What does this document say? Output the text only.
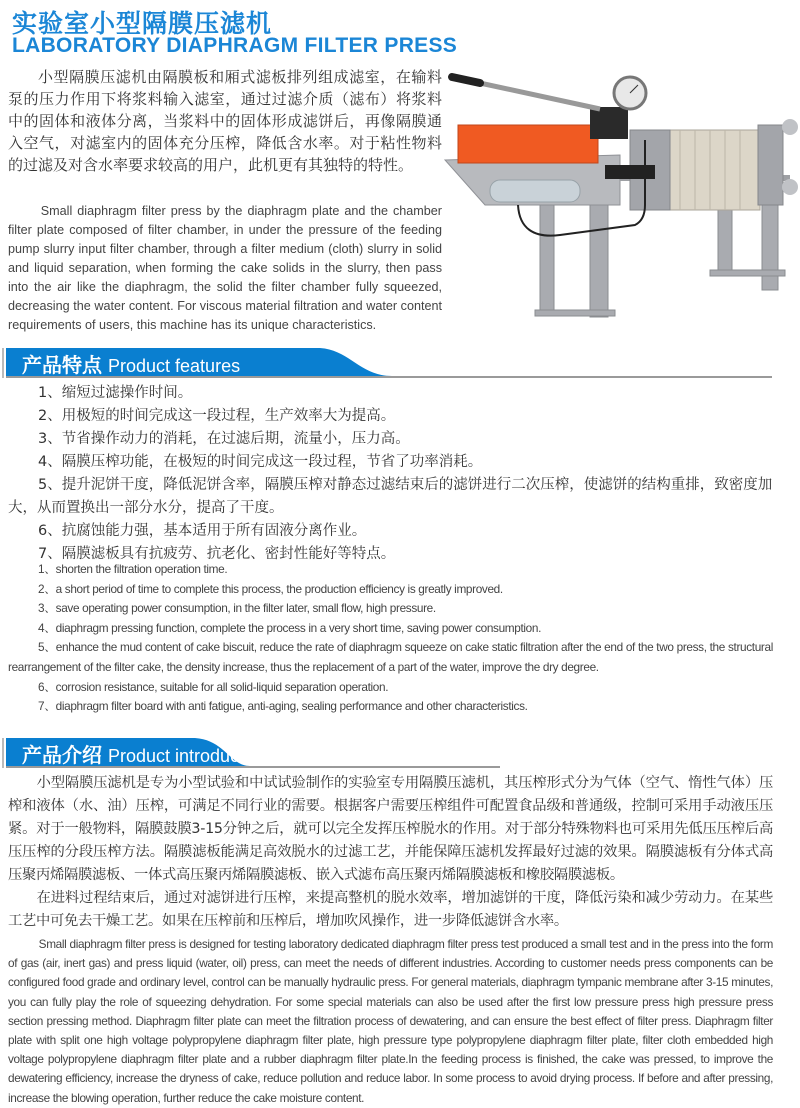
实验室小型隔膜压滤机
LABORATORY DIAPHRAGM FILTER PRESS

小型隔膜压滤机由隔膜板和厢式滤板排列组成滤室，在输料泵的压力作用下将浆料输入滤室，通过过滤介质（滤布）将浆料中的固体和液体分离，当浆料中的固体形成滤饼后，再像隔膜通入空气，对滤室内的固体充分压榨，降低含水率。对于粘性物料的过滤及对含水率要求较高的用户，此机更有其独特的特性。

Small diaphragm filter press by the diaphragm plate and the chamber filter plate composed of filter chamber, in under the pressure of the feeding pump slurry input filter chamber, through a filter medium (cloth) slurry in solid and liquid separation, when forming the cake solids in the slurry, then pass into the air like the diaphragm, the solid the filter chamber fully squeezed, decreasing the water content. For viscous material filtration and water content requirements of users, this machine has its unique characteristics.

产品特点 Product features
1、缩短过滤操作时间。
2、用极短的时间完成这一段过程，生产效率大为提高。
3、节省操作动力的消耗，在过滤后期，流量小，压力高。
4、隔膜压榨功能，在极短的时间完成这一段过程，节省了功率消耗。
5、提升泥饼干度，降低泥饼含率，隔膜压榨对静态过滤结束后的滤饼进行二次压榨，使滤饼的结构重排，致密度加大，从而置换出一部分水分，提高了干度。
6、抗腐蚀能力强，基本适用于所有固液分离作业。
7、隔膜滤板具有抗疲劳、抗老化、密封性能好等特点。
1、shorten the filtration operation time.
2、a short period of time to complete this process, the production efficiency is greatly improved.
3、save operating power consumption, in the filter later, small flow, high pressure.
4、diaphragm pressing function, complete the process in a very short time, saving power consumption.
5、enhance the mud content of cake biscuit, reduce the rate of diaphragm squeeze on cake static filtration after the end of the two press, the structural rearrangement of the filter cake, the density increase, thus the replacement of a part of the water, improve the dry degree.
6、corrosion resistance, suitable for all solid-liquid separation operation.
7、diaphragm filter board with anti fatigue, anti-aging, sealing performance and other characteristics.
产品介绍 Product introduction

小型隔膜压滤机是专为小型试验和中试试验制作的实验室专用隔膜压滤机，其压榨形式分为气体（空气、惰性气体）压榨和液体（水、油）压榨，可满足不同行业的需要。根据客户需要压榨组件可配置食品级和普通级，控制可采用手动液压压紧。对于一般物料，隔膜鼓膜3-15分钟之后，就可以完全发挥压榨脱水的作用。对于部分特殊物料也可采用先低压压榨后高压压榨的分段压榨方法。隔膜滤板能满足高效脱水的过滤工艺，并能保障压滤机发挥最好过滤的效果。隔膜滤板有分体式高压聚丙烯隔膜滤板、一体式高压聚丙烯隔膜滤板、嵌入式滤布高压聚丙烯隔膜滤板和橡胶隔膜滤板。

在进料过程结束后，通过对滤饼进行压榨，来提高整机的脱水效率，增加滤饼的干度，降低污染和减少劳动力。在某些工艺中可免去干燥工艺。如果在压榨前和压榨后，增加吹风操作，进一步降低滤饼含水率。

Small diaphragm filter press is designed for testing laboratory dedicated diaphragm filter press test produced a small test and in the press into the form of gas (air, inert gas) and press liquid (water, oil) press, can meet the needs of different industries. According to customer needs press components can be configured food grade and ordinary level, control can be manually hydraulic press. For general materials, diaphragm tympanic membrane after 3-15 minutes, you can fully play the role of squeezing dehydration. For some special materials can also be used after the first low pressure press high pressure press section pressing method. Diaphragm filter plate can meet the filtration process of dewatering, and can ensure the best effect of filter press. Diaphragm filter plate with split one high voltage polypropylene diaphragm filter plate, high pressure type polypropylene diaphragm filter plate, filter cloth embedded high voltage polypropylene diaphragm filter plate and a rubber diaphragm filter plate.In the feeding process is finished, the cake was pressed, to improve the dewatering efficiency, increase the dryness of cake, reduce pollution and reduce labor. In some process to avoid drying process. If before and after pressing, increase the blowing operation, further reduce the cake moisture content.
